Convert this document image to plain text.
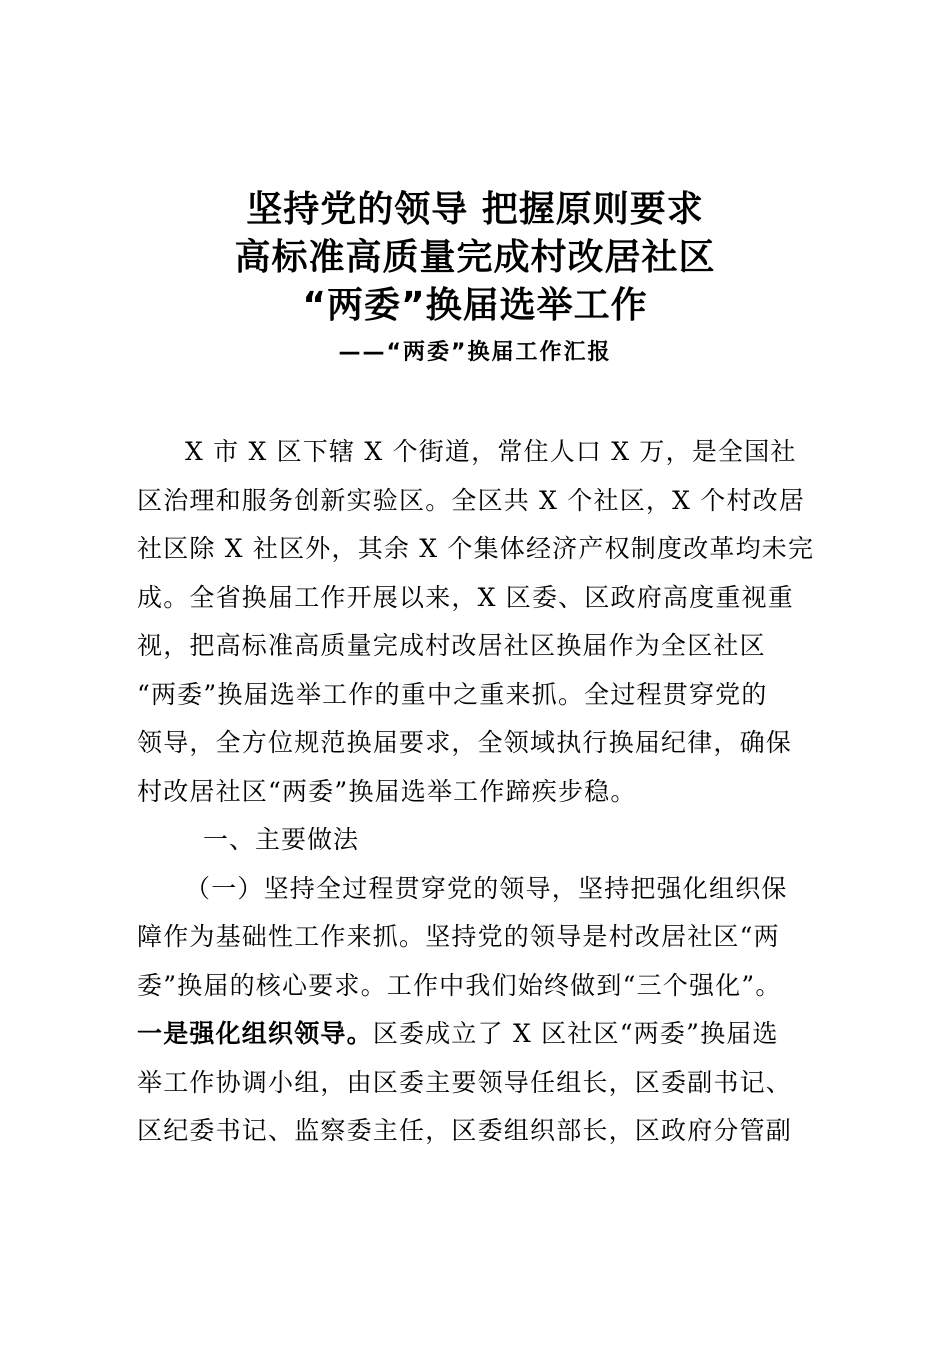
坚持党的领导 把握原则要求
高标准高质量完成村改居社区
“两委”换届选举工作
——“两委”换届工作汇报
X 市 X 区下辖 X 个街道，常住人口 X 万，是全国社
区治理和服务创新实验区。全区共 X 个社区，X 个村改居
社区除 X 社区外，其余 X 个集体经济产权制度改革均未完
成。全省换届工作开展以来，X 区委、区政府高度重视重
视，把高标准高质量完成村改居社区换届作为全区社区
“两委”换届选举工作的重中之重来抓。全过程贯穿党的
领导，全方位规范换届要求，全领域执行换届纪律，确保
村改居社区“两委”换届选举工作蹄疾步稳。
一、主要做法
（一）坚持全过程贯穿党的领导，坚持把强化组织保
障作为基础性工作来抓。坚持党的领导是村改居社区“两
委”换届的核心要求。工作中我们始终做到“三个强化”。
一是强化组织领导。区委成立了 X 区社区“两委”换届选
举工作协调小组，由区委主要领导任组长，区委副书记、
区纪委书记、监察委主任，区委组织部长，区政府分管副
